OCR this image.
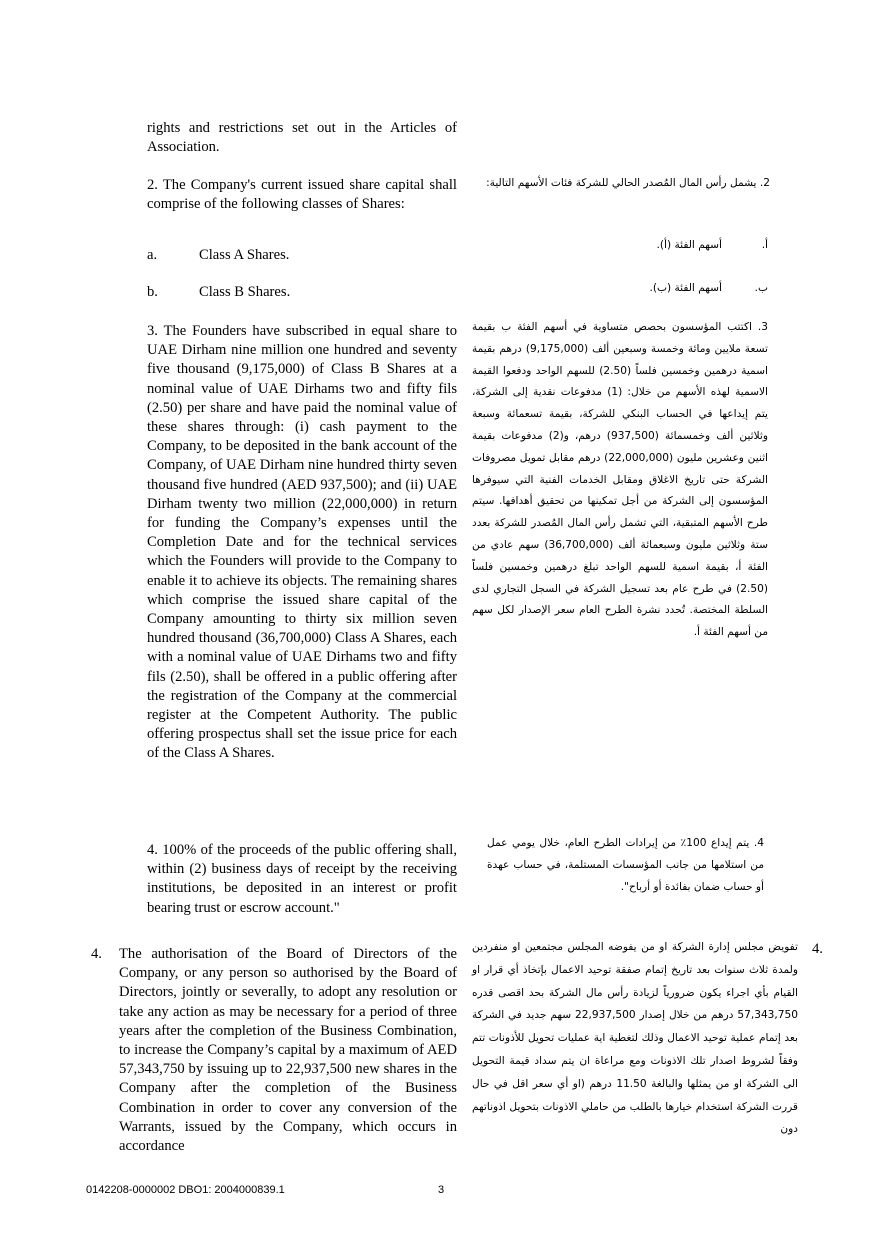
rights and restrictions set out in the Articles of Association.
2. The Company's current issued share capital shall comprise of the following classes of Shares:
a.	Class A Shares.
b.	Class B Shares.
3. The Founders have subscribed in equal share to UAE Dirham nine million one hundred and seventy five thousand (9,175,000) of Class B Shares at a nominal value of UAE Dirhams two and fifty fils (2.50) per share and have paid the nominal value of these shares through: (i) cash payment to the Company, to be deposited in the bank account of the Company, of UAE Dirham nine hundred thirty seven thousand five hundred (AED 937,500); and (ii) UAE Dirham twenty two million (22,000,000) in return for funding the Company’s expenses until the Completion Date and for the technical services which the Founders will provide to the Company to enable it to achieve its objects. The remaining shares which comprise the issued share capital of the Company amounting to thirty six million seven hundred thousand (36,700,000) Class A Shares, each with a nominal value of UAE Dirhams two and fifty fils (2.50), shall be offered in a public offering after the registration of the Company at the commercial register at the Competent Authority. The public offering prospectus shall set the issue price for each of the Class A Shares.
4. 100% of the proceeds of the public offering shall, within (2) business days of receipt by the receiving institutions, be deposited in an interest or profit bearing trust or escrow account."
4. The authorisation of the Board of Directors of the Company, or any person so authorised by the Board of Directors, jointly or severally, to adopt any resolution or take any action as may be necessary for a period of three years after the completion of the Business Combination, to increase the Company’s capital by a maximum of AED 57,343,750 by issuing up to 22,937,500 new shares in the Company after the completion of the Business Combination in order to cover any conversion of the Warrants, issued by the Company, which occurs in accordance
2. يشمل رأس المال المُصدر الحالي للشركة فئات الأسهم التالية:
أ.
أسهم الفئة (أ).
ب.
أسهم الفئة (ب).
3. اكتتب المؤسسون بحصص متساوية في أسهم الفئة ب بقيمة تسعة ملايين ومائة وخمسة وسبعين ألف (9,175,000) درهم بقيمة اسمية درهمين وخمسين فلساً (2.50) للسهم الواحد ودفعوا القيمة الاسمية لهذه الأسهم من خلال: (1) مدفوعات نقدية إلى الشركة، يتم إيداعها في الحساب البنكي للشركة، بقيمة تسعمائة وسبعة وثلاثين ألف وخمسمائة (937,500) درهم، و(2) مدفوعات بقيمة اثنين وعشرين مليون (22,000,000) درهم مقابل تمويل مصروفات الشركة حتى تاريخ الاغلاق ومقابل الخدمات الفنية التي سيوفرها المؤسسون إلى الشركة من أجل تمكينها من تحقيق أهدافها. سيتم طرح الأسهم المتبقية، التي تشمل رأس المال المُصدر للشركة بعدد ستة وثلاثين مليون وسبعمائة ألف (36,700,000) سهم عادي من الفئة أ، بقيمة اسمية للسهم الواحد تبلغ درهمين وخمسين فلساً (2.50) في طرح عام بعد تسجيل الشركة في السجل التجاري لدى السلطة المختصة. تُحدد نشرة الطرح العام سعر الإصدار لكل سهم من أسهم الفئة أ.
4. يتم إيداع 100٪ من إيرادات الطرح العام، خلال يومي عمل من استلامها من جانب المؤسسات المستلمة، في حساب عهدة أو حساب ضمان بفائدة أو أرباح".
4.
تفويض مجلس إدارة الشركة او من يفوضه المجلس مجتمعين او منفردين ولمدة ثلاث سنوات بعد تاريخ إتمام صفقة توحيد الاعمال بإتخاذ أي قرار او القيام بأي اجراء يكون ضرورياً لزيادة رأس مال الشركة بحد اقصى قدره 57,343,750 درهم من خلال إصدار 22,937,500 سهم جديد في الشركة بعد إتمام عملية توحيد الاعمال وذلك لتغطية اية عمليات تحويل للأذونات تتم وفقاً لشروط اصدار تلك الاذونات ومع مراعاة ان يتم سداد قيمة التحويل الى الشركة او من يمثلها والبالغة 11.50 درهم (او أي سعر اقل في حال قررت الشركة استخدام خيارها بالطلب من حاملي الاذونات بتحويل اذوناتهم دون
0142208-0000002 DBO1: 2004000839.1	3
